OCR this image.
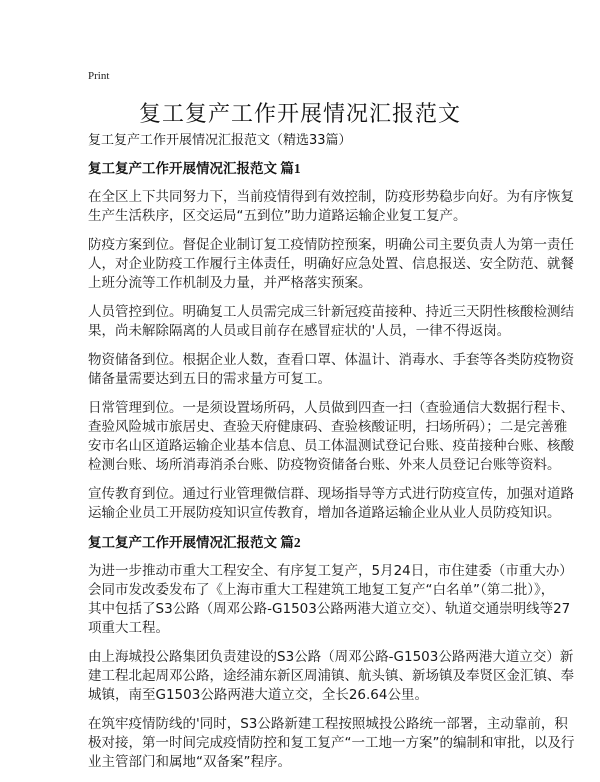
Print
复工复产工作开展情况汇报范文
复工复产工作开展情况汇报范文（精选33篇）
复工复产工作开展情况汇报范文 篇1
在全区上下共同努力下，当前疫情得到有效控制，防疫形势稳步向好。为有序恢复
生产生活秩序，区交运局“五到位”助力道路运输企业复工复产。
防疫方案到位。督促企业制订复工疫情防控预案，明确公司主要负责人为第一责任
人，对企业防疫工作履行主体责任，明确好应急处置、信息报送、安全防范、就餐
上班分流等工作机制及力量，并严格落实预案。
人员管控到位。明确复工人员需完成三针新冠疫苗接种、持近三天阴性核酸检测结
果，尚未解除隔离的人员或目前存在感冒症状的'人员，一律不得返岗。
物资储备到位。根据企业人数，查看口罩、体温计、消毒水、手套等各类防疫物资
储备量需要达到五日的需求量方可复工。
日常管理到位。一是须设置场所码，人员做到四查一扫（查验通信大数据行程卡、
查验风险城市旅居史、查验天府健康码、查验核酸证明，扫场所码）；二是完善雅
安市名山区道路运输企业基本信息、员工体温测试登记台账、疫苗接种台账、核酸
检测台账、场所消毒消杀台账、防疫物资储备台账、外来人员登记台账等资料。
宣传教育到位。通过行业管理微信群、现场指导等方式进行防疫宣传，加强对道路
运输企业员工开展防疫知识宣传教育，增加各道路运输企业从业人员防疫知识。
复工复产工作开展情况汇报范文 篇2
为进一步推动市重大工程安全、有序复工复产，5月24日，市住建委（市重大办）
会同市发改委发布了《上海市重大工程建筑工地复工复产“白名单”（第二批）》，
其中包括了S3公路（周邓公路-G1503公路两港大道立交）、轨道交通崇明线等27
项重大工程。
由上海城投公路集团负责建设的S3公路（周邓公路-G1503公路两港大道立交）新
建工程北起周邓公路，途经浦东新区周浦镇、航头镇、新场镇及奉贤区金汇镇、奉
城镇，南至G1503公路两港大道立交，全长26.64公里。
在筑牢疫情防线的'同时，S3公路新建工程按照城投公路统一部署，主动靠前，积
极对接，第一时间完成疫情防控和复工复产“一工地一方案”的编制和审批，以及行
业主管部门和属地“双备案”程序。
